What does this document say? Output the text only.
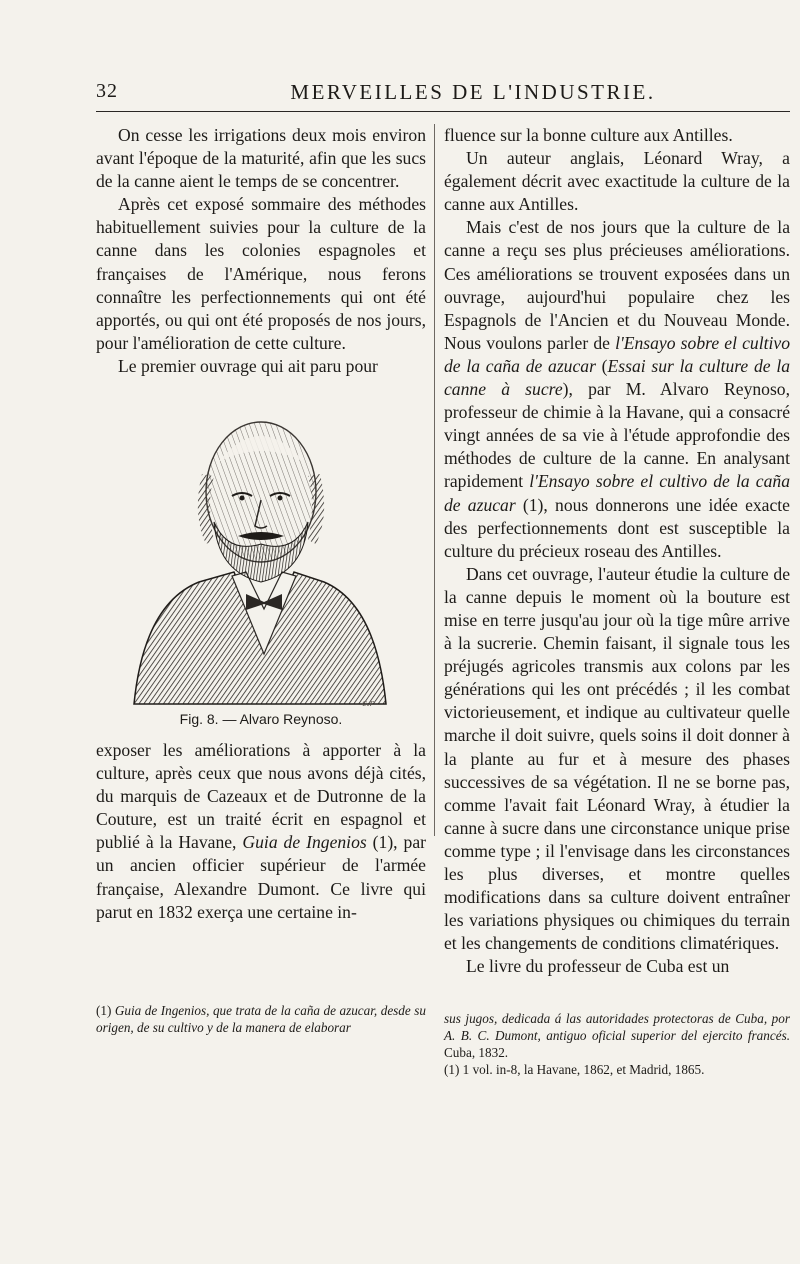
32	MERVEILLES DE L'INDUSTRIE.

On cesse les irrigations deux mois environ avant l'époque de la maturité, afin que les sucs de la canne aient le temps de se concentrer.

Après cet exposé sommaire des méthodes habituellement suivies pour la culture de la canne dans les colonies espagnoles et françaises de l'Amérique, nous ferons connaître les perfectionnements qui ont été apportés, ou qui ont été proposés de nos jours, pour l'amélioration de cette culture.

Le premier ouvrage qui ait paru pour

c.r
Fig. 8. — Alvaro Reynoso.

exposer les améliorations à apporter à la culture, après ceux que nous avons déjà cités, du marquis de Cazeaux et de Dutronne de la Couture, est un traité écrit en espagnol et publié à la Havane, Guia de Ingenios (1), par un ancien officier supérieur de l'armée française, Alexandre Dumont. Ce livre qui parut en 1832 exerça une certaine in-

(1) Guia de Ingenios, que trata de la caña de azucar, desde su origen, de su cultivo y de la manera de elaborar

fluence sur la bonne culture aux Antilles.

Un auteur anglais, Léonard Wray, a également décrit avec exactitude la culture de la canne aux Antilles.

Mais c'est de nos jours que la culture de la canne a reçu ses plus précieuses améliorations. Ces améliorations se trouvent exposées dans un ouvrage, aujourd'hui populaire chez les Espagnols de l'Ancien et du Nouveau Monde. Nous voulons parler de l'Ensayo sobre el cultivo de la caña de azucar (Essai sur la culture de la canne à sucre), par M. Alvaro Reynoso, professeur de chimie à la Havane, qui a consacré vingt années de sa vie à l'étude approfondie des méthodes de culture de la canne. En analysant rapidement l'Ensayo sobre el cultivo de la caña de azucar (1), nous donnerons une idée exacte des perfectionnements dont est susceptible la culture du précieux roseau des Antilles.

Dans cet ouvrage, l'auteur étudie la culture de la canne depuis le moment où la bouture est mise en terre jusqu'au jour où la tige mûre arrive à la sucrerie. Chemin faisant, il signale tous les préjugés agricoles transmis aux colons par les générations qui les ont précédés ; il les combat victorieusement, et indique au cultivateur quelle marche il doit suivre, quels soins il doit donner à la plante au fur et à mesure des phases successives de sa végétation. Il ne se borne pas, comme l'avait fait Léonard Wray, à étudier la canne à sucre dans une circonstance unique prise comme type ; il l'envisage dans les circonstances les plus diverses, et montre quelles modifications dans sa culture doivent entraîner les variations physiques ou chimiques du terrain et les changements de conditions climatériques.

Le livre du professeur de Cuba est un

sus jugos, dedicada á las autoridades protectoras de Cuba, por A. B. C. Dumont, antiguo oficial superior del ejercito francés. Cuba, 1832.

(1) 1 vol. in-8, la Havane, 1862, et Madrid, 1865.
